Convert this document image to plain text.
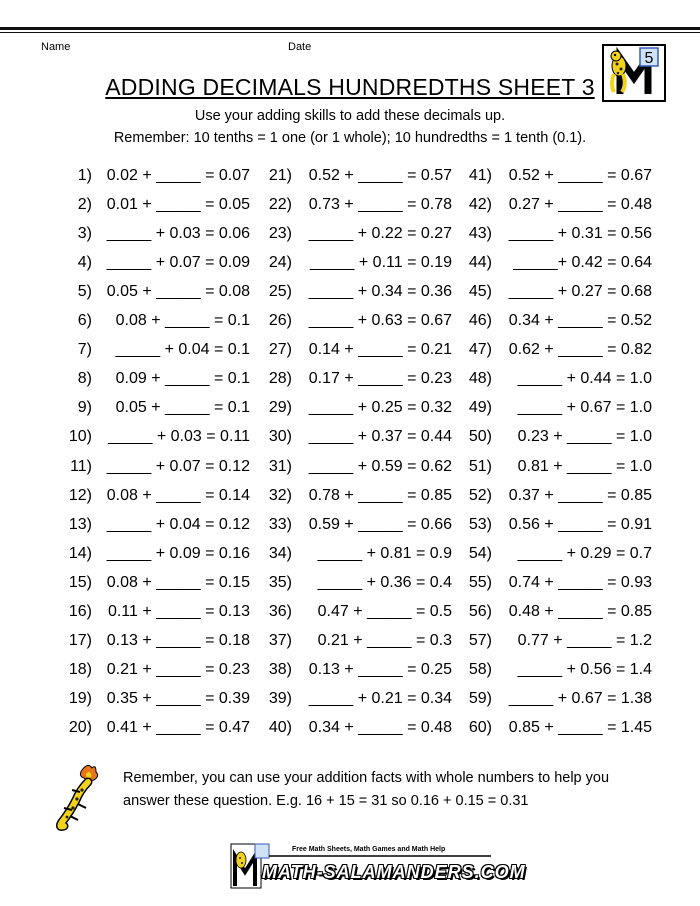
Name	Date
5
ADDING DECIMALS HUNDREDTHS SHEET 3
Use your adding skills to add these decimals up.
Remember: 10 tenths = 1 one (or 1 whole); 10 hundredths = 1 tenth (0.1).
1) 0.02 + _____ = 0.07
2) 0.01 + _____ = 0.05
3) _____ + 0.03 = 0.06
4) _____ + 0.07 = 0.09
5) 0.05 + _____ = 0.08
6) 0.08 + _____ = 0.1
7) _____ + 0.04 = 0.1
8) 0.09 + _____ = 0.1
9) 0.05 + _____ = 0.1
10) _____ + 0.03 = 0.11
11) _____ + 0.07 = 0.12
12) 0.08 + _____ = 0.14
13) _____ + 0.04 = 0.12
14) _____ + 0.09 = 0.16
15) 0.08 + _____ = 0.15
16) 0.11 + _____ = 0.13
17) 0.13 + _____ = 0.18
18) 0.21 + _____ = 0.23
19) 0.35 + _____ = 0.39
20) 0.41 + _____ = 0.47
21) 0.52 + _____ = 0.57
22) 0.73 + _____ = 0.78
23) _____ + 0.22 = 0.27
24) _____ + 0.11 = 0.19
25) _____ + 0.34 = 0.36
26) _____ + 0.63 = 0.67
27) 0.14 + _____ = 0.21
28) 0.17 + _____ = 0.23
29) _____ + 0.25 = 0.32
30) _____ + 0.37 = 0.44
31) _____ + 0.59 = 0.62
32) 0.78 + _____ = 0.85
33) 0.59 + _____ = 0.66
34) _____ + 0.81 = 0.9
35) _____ + 0.36 = 0.4
36) 0.47 + _____ = 0.5
37) 0.21 + _____ = 0.3
38) 0.13 + _____ = 0.25
39) _____ + 0.21 = 0.34
40) 0.34 + _____ = 0.48
41) 0.52 + _____ = 0.67
42) 0.27 + _____ = 0.48
43) _____ + 0.31 = 0.56
44) _____+ 0.42 = 0.64
45) _____ + 0.27 = 0.68
46) 0.34 + _____ = 0.52
47) 0.62 + _____ = 0.82
48) _____ + 0.44 = 1.0
49) _____ + 0.67 = 1.0
50) 0.23 + _____ = 1.0
51) 0.81 + _____ = 1.0
52) 0.37 + _____ = 0.85
53) 0.56 + _____ = 0.91
54) _____ + 0.29 = 0.7
55) 0.74 + _____ = 0.93
56) 0.48 + _____ = 0.85
57) 0.77 + _____ = 1.2
58) _____ + 0.56 = 1.4
59) _____ + 0.67 = 1.38
60) 0.85 + _____ = 1.45
Remember, you can use your addition facts with whole numbers to help you
answer these question. E.g. 16 + 15 = 31 so 0.16 + 0.15 = 0.31
Free Math Sheets, Math Games and Math Help
MATH-SALAMANDERS.COM
